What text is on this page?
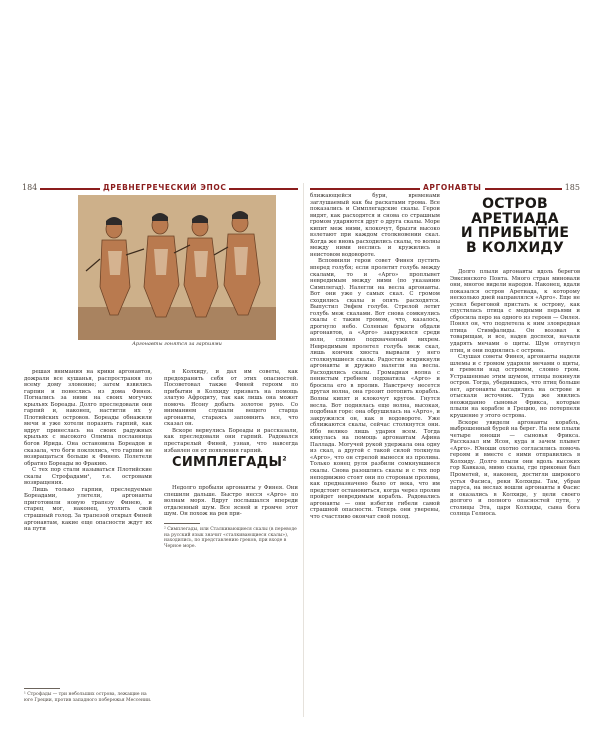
184	ДРЕВНЕГРЕЧЕСКИЙ ЭПОС
Аргонавты гонятся за гарпиями

решая внимания на крики аргонавтов, дожрали все кушанья, распространяя по всему дому зловоние; затем взвились гарпии и понеслись из дома Финея. Погнались за ними на своих могучих крыльях Бореады. Долго преследовали они гарпий и, наконец, настигли их у Плотийских островов. Бореады обнажили мечи и уже хотели поразить гарпий, как вдруг принеслась на своих радужных крыльях с высокого Олимпа посланница богов Ирида. Она остановила Бореадов и сказала, что боги поклялись, что гарпии не возвращаться больше к Финею. Полетели обратно Бореады во Фракию.

С тех пор стали называться Плотийские скалы Строфадами¹, т.е. островами возвращения.

Лишь только гарпии, преследуемые Бореадами, улетели, аргонавты приготовили новую трапезу Финею, и старец мог, наконец, утолить свой страшный голод. За трапезой открыл Финей аргонавтам, какие еще опасности ждут их на пути

в Колхиду, и дал им советы, как предохранить себя от этих опасностей. Посоветовал также Финей героям по прибытии в Колхиду призвать на помощь златую Афродиту, так как лишь она может помочь Ясону добыть золотое руно. Со вниманием слушали вещего старца аргонавты, стараясь запомнить все, что сказал он.

Вскоре вернулись Бореады и рассказали, как преследовали они гарпий. Радовался престарелый Финей, узнав, что навсегда избавлен он от появления гарпий.

СИМПЛЕГАДЫ$^2$

Недолго пробыли аргонавты у Финея. Они спешили дальше. Быстро несся «Арго» по волнам моря. Вдруг послышался впереди отдаленный шум. Все ясней и громче этот шум. Он похож на рев при-

¹ Строфады — три небольших острова, лежащие на юге Греции, против западного побережья Мессении.

² Симплегады, или Сталкивающиеся скалы (в переводе на русский язык значит «сталкивающиеся скалы»), находились, по представлению греков, при входе в Черное море.

АРГОНАВТЫ	185

ближающейся бури, временами заглушаемый как бы раскатами грома. Все показались и Симплегадские скалы. Герои видят, как расходятся и снова со страшным громом ударяются друг о друга скалы. Море кипит меж ними, клокочут, брызги высоко взлетают при каждом столкновении скал. Когда же вновь расходились скалы, то волны между ними неслись и кружились в неистовом водовороте.

Вспомнили герои совет Финея пустить вперед голубя; если пролетит голубь между скалами, то и «Арго» проплывет невредимым между ними (по указанию Симплегад). Налегли на весла аргонавты. Вот они уже у самых скал. С громом сходились скалы и опять расходятся. Выпустил Эвфем голубя. Стрелой летит голубь меж скалами. Вот снова сомкнулись скалы с таким громом, что, казалось, дрогнуло небо. Соленые брызги обдали аргонавтов, а «Арго» закружился среди волн, словно подхваченный вихрем. Невредимым пролетел голубь меж скал, лишь кончик хвоста вырвали у него столкнувшиеся скалы. Радостно вскрикнули аргонавты и дружно налегли на весла. Расходились скалы. Громадная волна с пенистым гребнем подхватила «Арго» и бросила его в пролив. Навстречу несется другая волна, она грозит потопить корабль. Волны кипят и клокочут кругом. Гнутся весла. Вот поднялась еще волна, высокая, подобная горе: она обрушилась на «Арго», и закружился он, как в водовороте. Уже сближаются скалы, сейчас столкнутся они. Ибо велико лишь ударяя всем. Тогда кинулась на помощь аргонавтам Афина Паллада. Могучей рукой удержала она одну из скал, а другой с такой силой толкнула «Арго», что он стрелой вынесся из пролива. Только конец руля разбили сомкнувшиеся скалы. Снова разошлись скалы и с тех пор неподвижно стоят они по сторонам пролива, как предназначено было от века, что им предстоит остановиться, когда через пролив пройдет невредимым корабль. Радовались аргонавты — они избегли гибели самой страшной опасности. Теперь они уверены, что счастливо окончат свой поход.

ОСТРОВ
АРЕТИАДА
И ПРИБЫТИЕ
В КОЛХИДУ

Долго плыли аргонавты вдоль берегов Эвксинского Понта. Много стран миновали они, многое видели народов. Наконец, вдали показался остров Аретиада, к которому несколько дней направлялся «Арго». Еще не успел береговой пристать к острову, как спустилась птица с медными перьями и сбросила перо на одного из героев — Оилея. Понял он, что подлетела к ним зловредная птица Стимфалиды. Он воззвал к товарищам, и все, надев доспехи, начали ударять мечами о щиты. Шум отпугнул птиц, и они поднялись с острова.

Слушая советы Финея, аргонавты надели шлемы и с громом ударяли мечами о щиты, и гремели над островом, словно гром. Устрашенные этим шумом, птицы покинули остров. Тогда, убедившись, что птиц больше нет, аргонавты высадились на острове и отыскали источник. Туда же явились неожиданно сыновья Фрикса, которые плыли на корабле в Грецию, но потерпели крушение у этого острова.

Вскоре увидели аргонавты корабль, выброшенный бурей на берег. На нем плыли четыре юноши — сыновья Фрикса. Рассказал им Ясон, куда и зачем плывет «Арго». Юноши охотно согласились помочь героям и вместе с ними отправились в Колхиду. Долго плыли они вдоль высоких гор Кавказа, мимо скалы, где прикован был Прометей, и, наконец, достигли широкого устья Фасиса, реки Колхиды. Там, убрав паруса, на веслах вошли аргонавты в Фасис и оказались в Колхиде, у цели своего долгого и полного опасностей пути, у столицы Эта, царя Колхиды, сына бога солнца Гелиоса.
